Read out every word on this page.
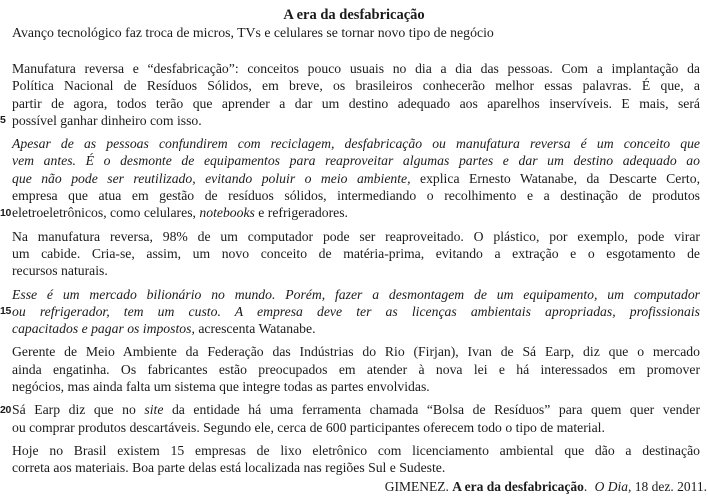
A era da desfabricação
Avanço tecnológico faz troca de micros, TVs e celulares se tornar novo tipo de negócio
Manufatura reversa e “desfabricação”: conceitos pouco usuais no dia a dia das pessoas. Com a implantação da
Política Nacional de Resíduos Sólidos, em breve, os brasileiros conhecerão melhor essas palavras. É que, a
partir de agora, todos terão que aprender a dar um destino adequado aos aparelhos inservíveis. E mais, será
5 possível ganhar dinheiro com isso.
Apesar de as pessoas confundirem com reciclagem, desfabricação ou manufatura reversa é um conceito que
vem antes. É o desmonte de equipamentos para reaproveitar algumas partes e dar um destino adequado ao
que não pode ser reutilizado, evitando poluir o meio ambiente, explica Ernesto Watanabe, da Descarte Certo,
empresa que atua em gestão de resíduos sólidos, intermediando o recolhimento e a destinação de produtos
10 eletroeletrônicos, como celulares, notebooks e refrigeradores.
Na manufatura reversa, 98% de um computador pode ser reaproveitado. O plástico, por exemplo, pode virar
um cabide. Cria-se, assim, um novo conceito de matéria-prima, evitando a extração e o esgotamento de
recursos naturais.
Esse é um mercado bilionário no mundo. Porém, fazer a desmontagem de um equipamento, um computador
15 ou refrigerador, tem um custo. A empresa deve ter as licenças ambientais apropriadas, profissionais
capacitados e pagar os impostos, acrescenta Watanabe.
Gerente de Meio Ambiente da Federação das Indústrias do Rio (Firjan), Ivan de Sá Earp, diz que o mercado
ainda engatinha. Os fabricantes estão preocupados em atender à nova lei e há interessados em promover
negócios, mas ainda falta um sistema que integre todas as partes envolvidas.
20 Sá Earp diz que no site da entidade há uma ferramenta chamada “Bolsa de Resíduos” para quem quer vender
ou comprar produtos descartáveis. Segundo ele, cerca de 600 participantes oferecem todo o tipo de material.
Hoje no Brasil existem 15 empresas de lixo eletrônico com licenciamento ambiental que dão a destinação
correta aos materiais. Boa parte delas está localizada nas regiões Sul e Sudeste.
GIMENEZ. A era da desfabricação. O Dia, 18 dez. 2011.
